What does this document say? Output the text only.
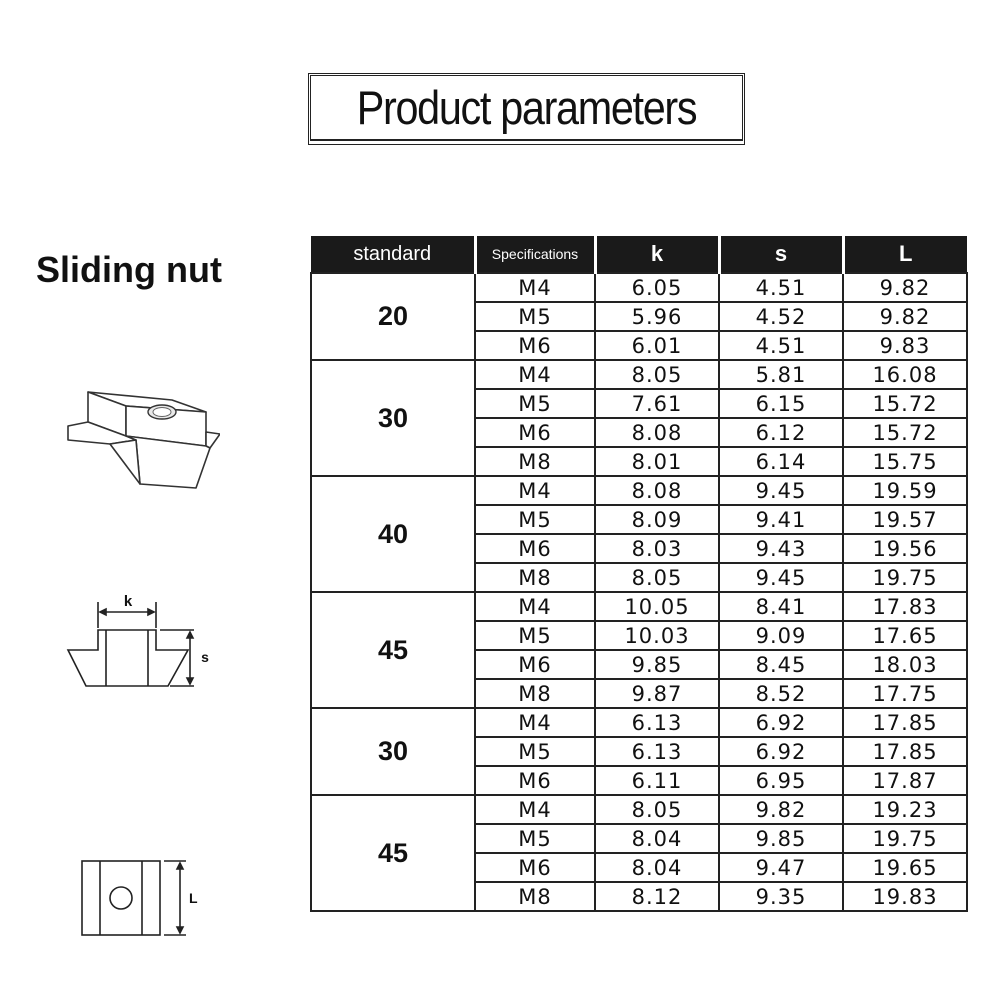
Product parameters
Sliding nut
k
s
L
standard	Specifications	k	s	L
20	M4	6.05	4.51	9.82
	M5	5.96	4.52	9.82
	M6	6.01	4.51	9.83
30	M4	8.05	5.81	16.08
	M5	7.61	6.15	15.72
	M6	8.08	6.12	15.72
	M8	8.01	6.14	15.75
40	M4	8.08	9.45	19.59
	M5	8.09	9.41	19.57
	M6	8.03	9.43	19.56
	M8	8.05	9.45	19.75
45	M4	10.05	8.41	17.83
	M5	10.03	9.09	17.65
	M6	9.85	8.45	18.03
	M8	9.87	8.52	17.75
30	M4	6.13	6.92	17.85
	M5	6.13	6.92	17.85
	M6	6.11	6.95	17.87
45	M4	8.05	9.82	19.23
	M5	8.04	9.85	19.75
	M6	8.04	9.47	19.65
	M8	8.12	9.35	19.83
